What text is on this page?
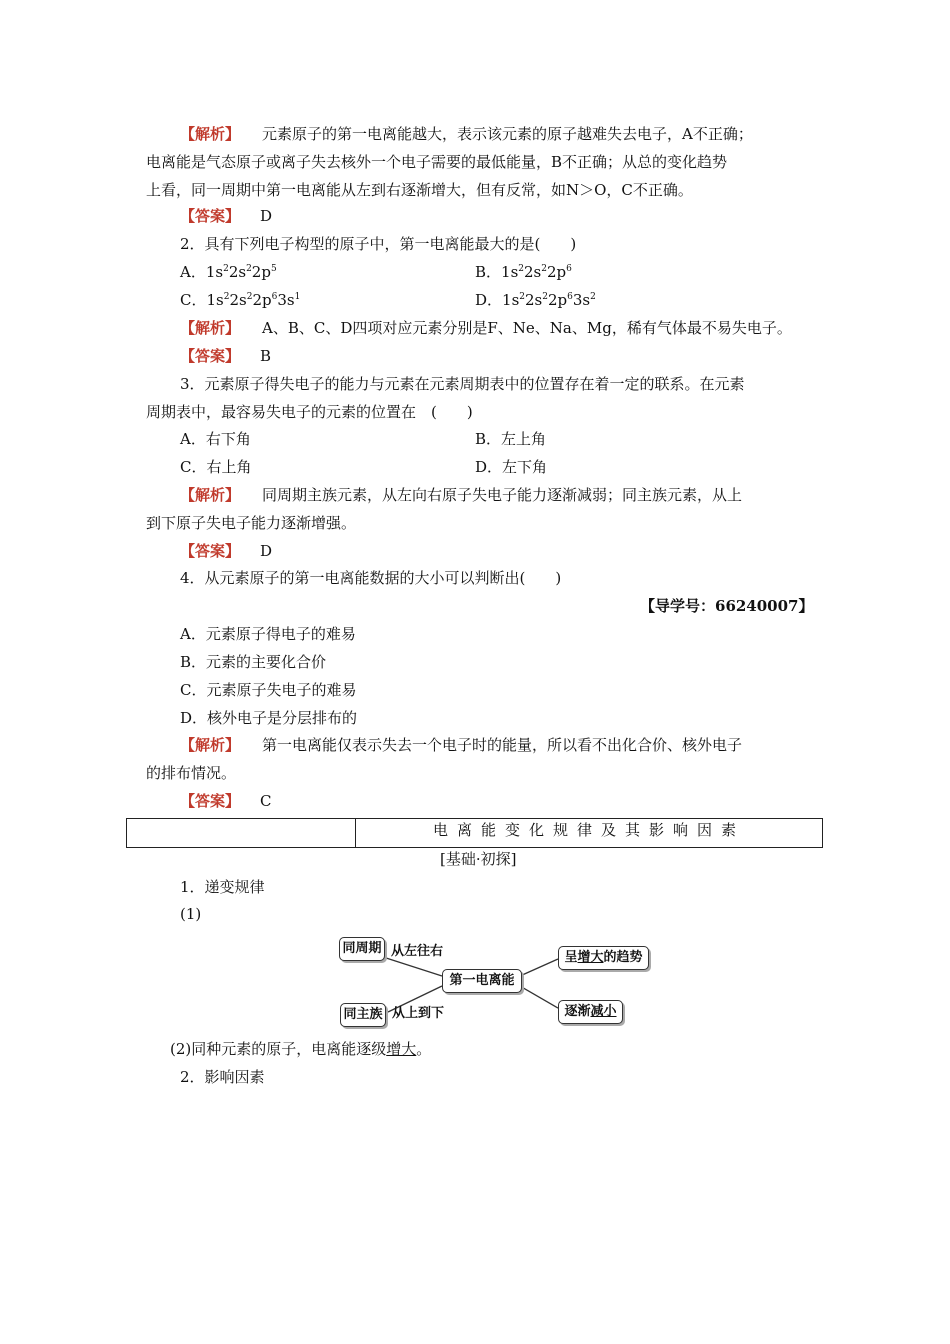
【解析】 元素原子的第一电离能越大，表示该元素的原子越难失去电子，A不正确；
电离能是气态原子或离子失去核外一个电子需要的最低能量，B不正确；从总的变化趋势
上看，同一周期中第一电离能从左到右逐渐增大，但有反常，如N＞O，C不正确。
【答案】 D
2．具有下列电子构型的原子中，第一电离能最大的是(　　)
A．$1s^22s^22p^5$	B．$1s^22s^22p^6$
C．$1s^22s^22p^63s^1$	D．$1s^22s^22p^63s^2$
【解析】 A、B、C、D四项对应元素分别是F、Ne、Na、Mg，稀有气体最不易失电子。
【答案】 B
3．元素原子得失电子的能力与元素在元素周期表中的位置存在着一定的联系。在元素
周期表中，最容易失电子的元素的位置在　(　　)
A．右下角	B．左上角
C．右上角	D．左下角
【解析】 同周期主族元素，从左向右原子失电子能力逐渐减弱；同主族元素，从上
到下原子失电子能力逐渐增强。
【答案】 D
4．从元素原子的第一电离能数据的大小可以判断出(　　)
【导学号：66240007】
A．元素原子得电子的难易
B．元素的主要化合价
C．元素原子失电子的难易
D．核外电子是分层排布的
【解析】 第一电离能仅表示失去一个电子时的能量，所以看不出化合价、核外电子
的排布情况。
【答案】 C
电离能变化规律及其影响因素
[基础·初探]
1．递变规律
(1)
同周期 从左往右
同主族 从上到下
第一电离能
呈增大的趋势
逐渐减小
(2)同种元素的原子，电离能逐级增大。
2．影响因素
